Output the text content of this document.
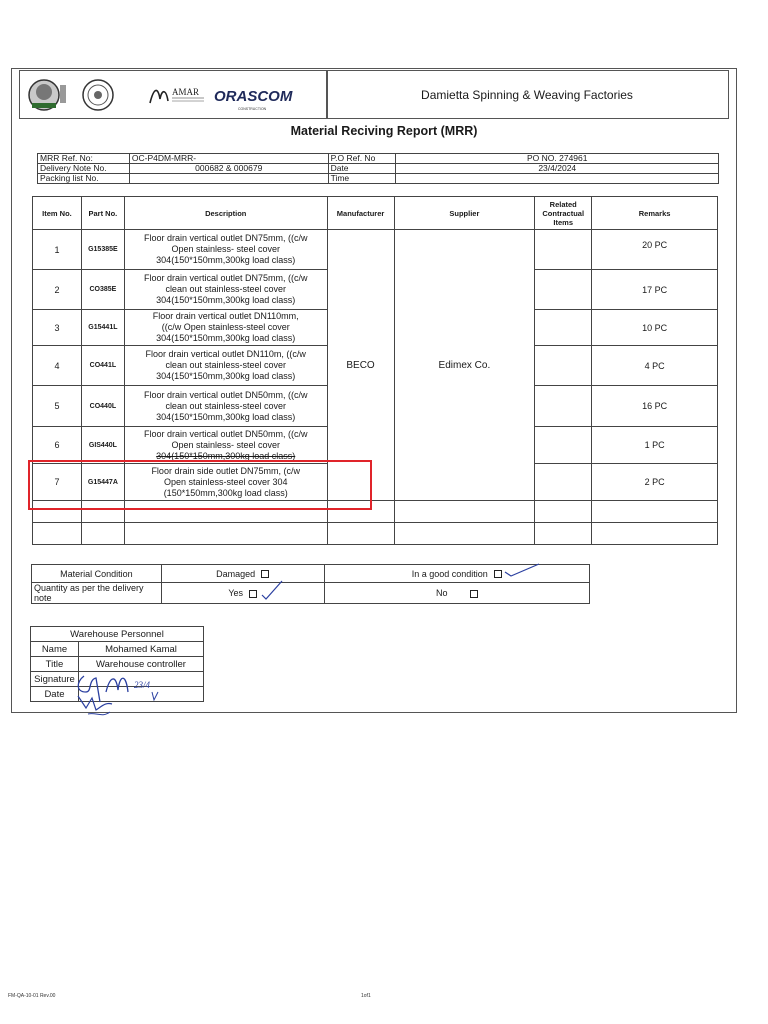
AMAR ORASCOM
CONSTRUCTION
Damietta Spinning & Weaving Factories
Material Reciving Report (MRR)
MRR Ref. No:	OC-P4DM-MRR-	P.O Ref. No	PO NO. 274961
Delivery Note No.	000682 & 000679	Date	23/4/2024
Packing list No.		Time	
Item No.	Part No.	Description	Manufacturer	Supplier	Related Contractual Items	Remarks
1	G15385E	Floor drain vertical outlet DN75mm, ((c/w
Open stainless- steel cover
304(150*150mm,300kg load class)	BECO	Edimex Co.		20 PC
2	CO385E	Floor drain vertical outlet DN75mm, ((c/w
clean out stainless-steel cover
304(150*150mm,300kg load class)				17 PC
3	G15441L	Floor drain vertical outlet DN110mm,
((c/w Open stainless-steel cover
304(150*150mm,300kg load class)				10 PC
4	CO441L	Floor drain vertical outlet DN110m, ((c/w
clean out stainless-steel cover
304(150*150mm,300kg load class)				4 PC
5	CO440L	Floor drain vertical outlet DN50mm, ((c/w
clean out stainless-steel cover
304(150*150mm,300kg load class)				16 PC
6	GIS440L	Floor drain vertical outlet DN50mm, ((c/w
Open stainless- steel cover
304(150*150mm,300kg load class)				1 PC
7	G15447A	Floor drain side outlet DN75mm, (c/w
Open stainless-steel cover 304
(150*150mm,300kg load class)				2 PC

Material Condition	Damaged	In a good condition

Quantity as per the delivery note	Yes	No
Warehouse Personnel	
Name	Mohamed Kamal
Title	Warehouse controller
Signature	
Date	
23/4
FM-QA-10-01 Rev.00	1of1
